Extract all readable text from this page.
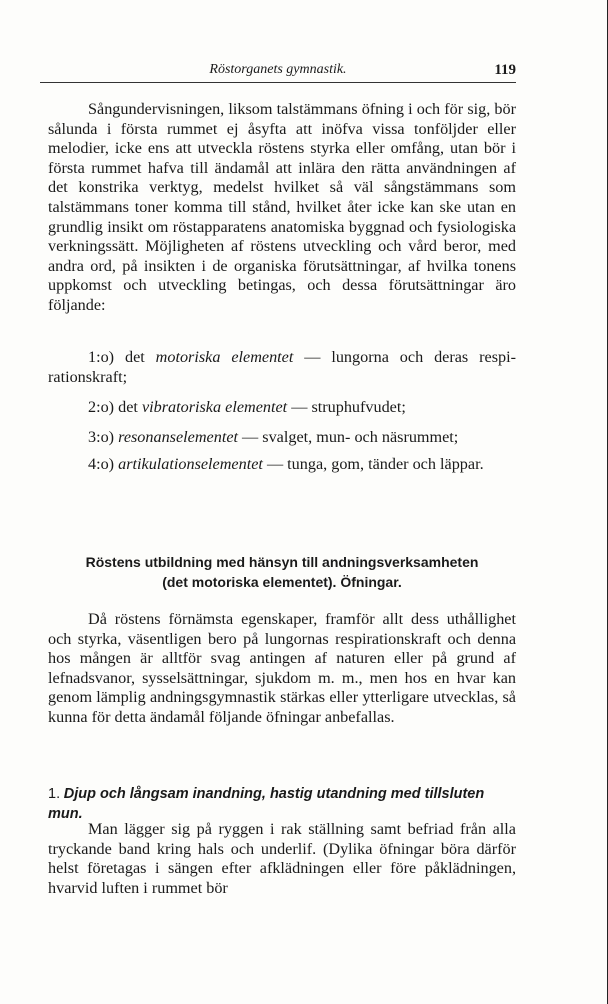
Röstorganets gymnastik.	119
Sångundervisningen, liksom talstämmans öfning i och för sig, bör sålunda i första rummet ej åsyfta att inöfva vissa tonföljder eller melodier, icke ens att utveckla röstens styrka eller omfång, utan bör i första rummet hafva till ändamål att inlära den rätta användningen af det konstrika verktyg, medelst hvilket så väl sångstämmans som talstämmans toner komma till stånd, hvilket åter icke kan ske utan en grundlig insikt om röstapparatens anatomiska byggnad och fysiologiska verkningssätt. Möjligheten af röstens utveckling och vård beror, med andra ord, på insikten i de organiska förutsättningar, af hvilka tonens uppkomst och utveckling betingas, och dessa förutsättningar äro följande:
1:o) det motoriska elementet — lungorna och deras respirationskraft;
2:o) det vibratoriska elementet — struphufvudet;
3:o) resonanselementet — svalget, mun- och näsrummet;
4:o) artikulationselementet — tunga, gom, tänder och läppar.
Röstens utbildning med hänsyn till andningsverksamheten
(det motoriska elementet). Öfningar.
Då röstens förnämsta egenskaper, framför allt dess uthållighet och styrka, väsentligen bero på lungornas respirationskraft och denna hos mången är alltför svag antingen af naturen eller på grund af lefnadsvanor, sysselsättningar, sjukdom m. m., men hos en hvar kan genom lämplig andningsgymnastik stärkas eller ytterligare utvecklas, så kunna för detta ändamål följande öfningar anbefallas.
1. Djup och långsam inandning, hastig utandning med tillsluten mun.
Man lägger sig på ryggen i rak ställning samt befriad från alla tryckande band kring hals och underlif. (Dylika öfningar böra därför helst företagas i sängen efter afklädningen eller före påklädningen, hvarvid luften i rummet bör
